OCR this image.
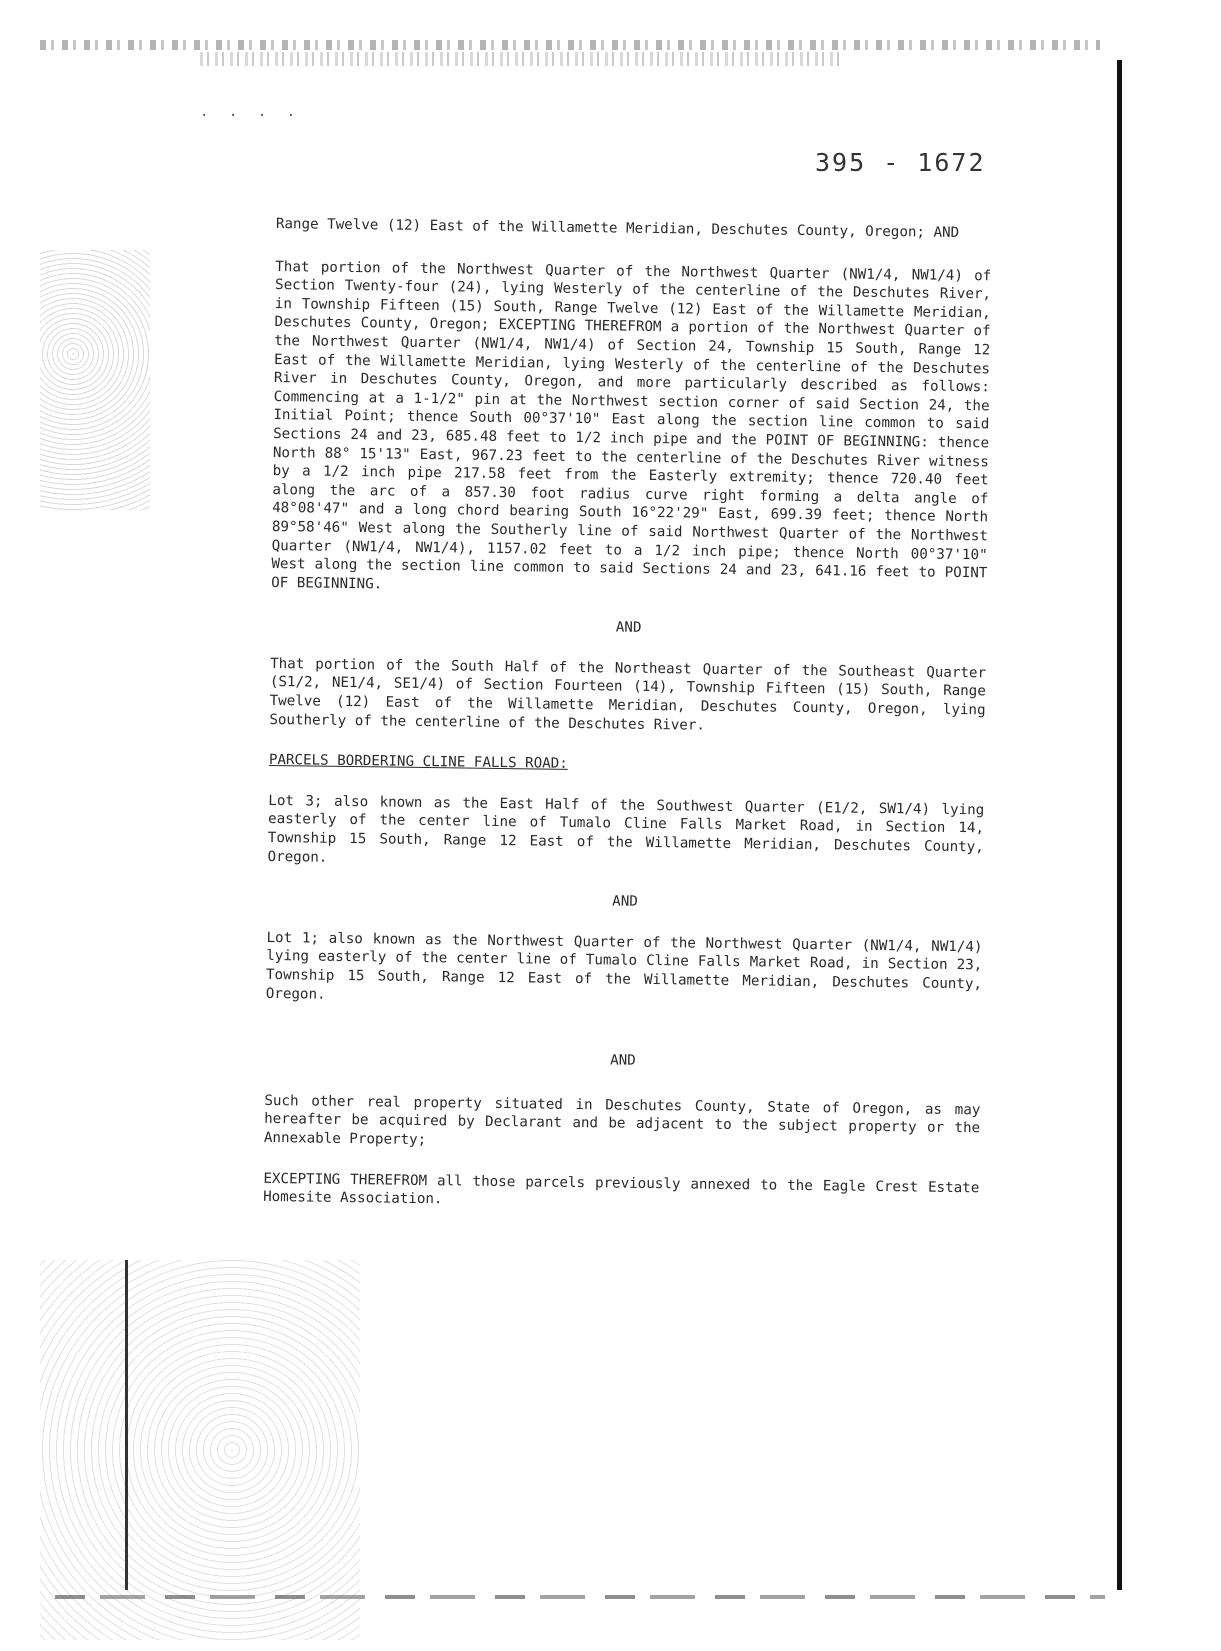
· · · ·
395 - 1672

Range Twelve (12) East of the Willamette Meridian, Deschutes County, Oregon; AND

That portion of the Northwest Quarter of the Northwest Quarter (NW1/4, NW1/4) of Section Twenty-four (24), lying Westerly of the centerline of the Deschutes River, in Township Fifteen (15) South, Range Twelve (12) East of the Willamette Meridian, Deschutes County, Oregon; EXCEPTING THEREFROM a portion of the Northwest Quarter of the Northwest Quarter (NW1/4, NW1/4) of Section 24, Township 15 South, Range 12 East of the Willamette Meridian, lying Westerly of the centerline of the Deschutes River in Deschutes County, Oregon, and more particularly described as follows: Commencing at a 1-1/2" pin at the Northwest section corner of said Section 24, the Initial Point; thence South 00°37'10" East along the section line common to said Sections 24 and 23, 685.48 feet to 1/2 inch pipe and the POINT OF BEGINNING: thence North 88° 15'13" East, 967.23 feet to the centerline of the Deschutes River witness by a 1/2 inch pipe 217.58 feet from the Easterly extremity; thence 720.40 feet along the arc of a 857.30 foot radius curve right forming a delta angle of 48°08'47" and a long chord bearing South 16°22'29" East, 699.39 feet; thence North 89°58'46" West along the Southerly line of said Northwest Quarter of the Northwest Quarter (NW1/4, NW1/4), 1157.02 feet to a 1/2 inch pipe; thence North 00°37'10" West along the section line common to said Sections 24 and 23, 641.16 feet to POINT OF BEGINNING.

AND

That portion of the South Half of the Northeast Quarter of the Southeast Quarter (S1/2, NE1/4, SE1/4) of Section Fourteen (14), Township Fifteen (15) South, Range Twelve (12) East of the Willamette Meridian, Deschutes County, Oregon, lying Southerly of the centerline of the Deschutes River.

PARCELS BORDERING CLINE FALLS ROAD:

Lot 3; also known as the East Half of the Southwest Quarter (E1/2, SW1/4) lying easterly of the center line of Tumalo Cline Falls Market Road, in Section 14, Township 15 South, Range 12 East of the Willamette Meridian, Deschutes County, Oregon.

AND

Lot 1; also known as the Northwest Quarter of the Northwest Quarter (NW1/4, NW1/4) lying easterly of the center line of Tumalo Cline Falls Market Road, in Section 23, Township 15 South, Range 12 East of the Willamette Meridian, Deschutes County, Oregon.

AND

Such other real property situated in Deschutes County, State of Oregon, as may hereafter be acquired by Declarant and be adjacent to the subject property or the Annexable Property;

EXCEPTING THEREFROM all those parcels previously annexed to the Eagle Crest Estate Homesite Association.
